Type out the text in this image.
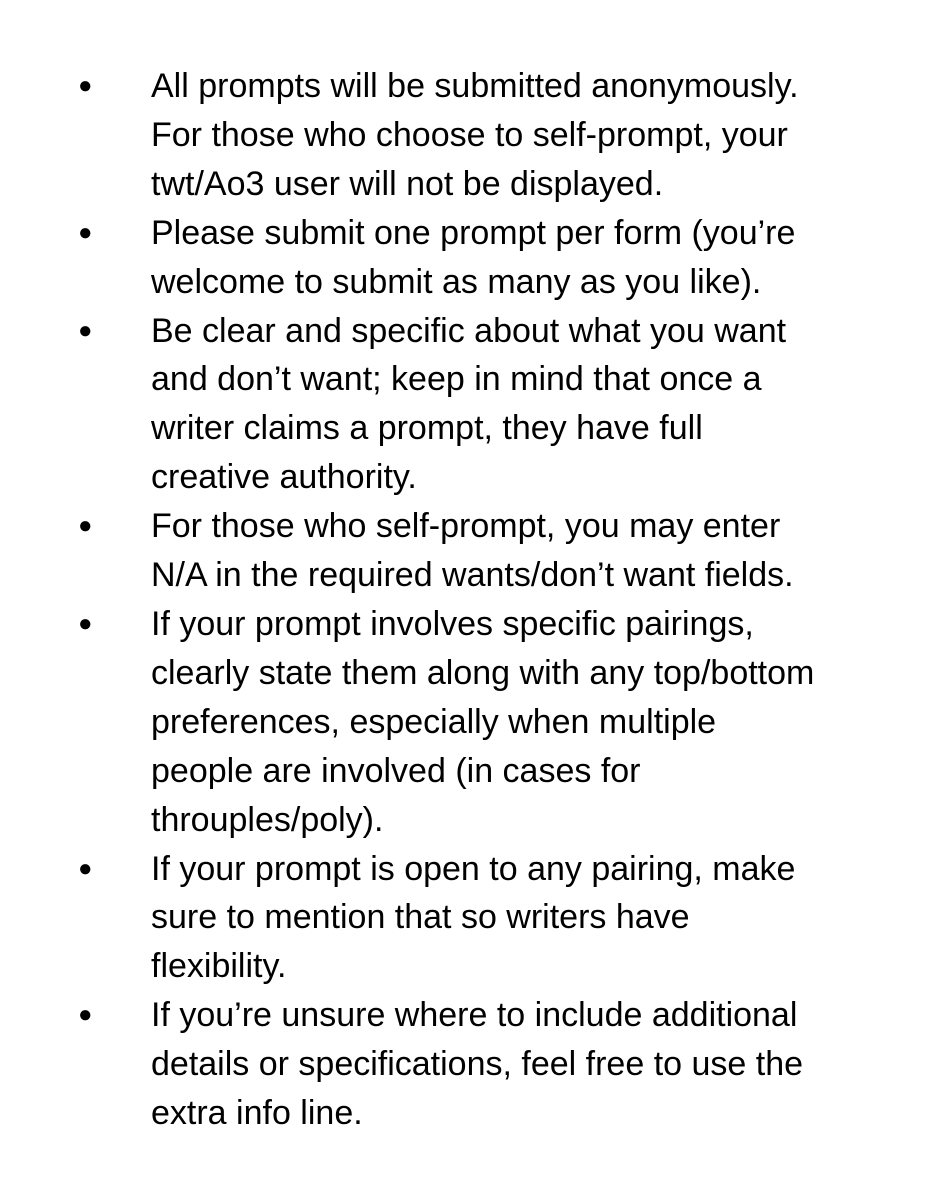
● All prompts will be submitted anonymously.
For those who choose to self-prompt, your
twt/Ao3 user will not be displayed.
● Please submit one prompt per form (you’re
welcome to submit as many as you like).
● Be clear and specific about what you want
and don’t want; keep in mind that once a
writer claims a prompt, they have full
creative authority.
● For those who self-prompt, you may enter
N/A in the required wants/don’t want fields.
● If your prompt involves specific pairings,
clearly state them along with any top/bottom
preferences, especially when multiple
people are involved (in cases for
throuples/poly).
● If your prompt is open to any pairing, make
sure to mention that so writers have
flexibility.
● If you’re unsure where to include additional
details or specifications, feel free to use the
extra info line.
